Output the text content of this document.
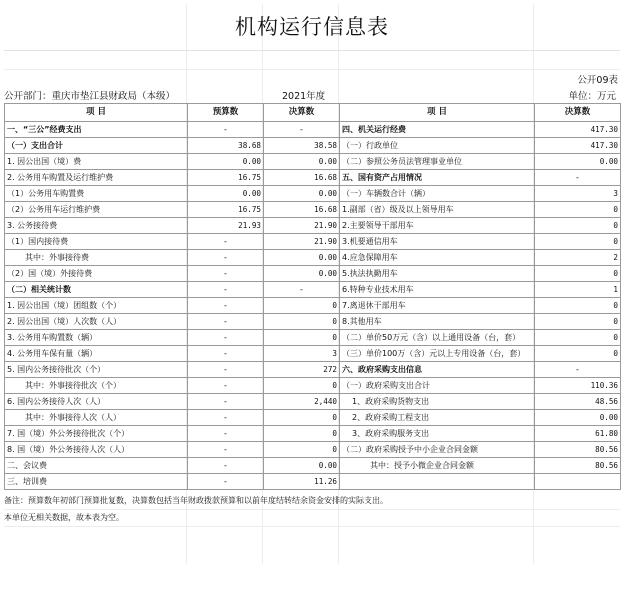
机构运行信息表
公开09表
公开部门：重庆市垫江县财政局（本级）	2021年度	单位：万元
项 目	预算数	决算数	项 目	决算数
一、“三公”经费支出	-	-	四、机关运行经费	417.30
（一）支出合计	38.68	38.58	（一）行政单位	417.30
1. 因公出国（境）费	0.00	0.00	（二）参照公务员法管理事业单位	0.00
2. 公务用车购置及运行维护费	16.75	16.68	五、国有资产占用情况	-
（1）公务用车购置费	0.00	0.00	（一）车辆数合计（辆）	3
（2）公务用车运行维护费	16.75	16.68	1.副部（省）级及以上领导用车	0
3. 公务接待费	21.93	21.90	2.主要领导干部用车	0
（1）国内接待费	-	21.90	3.机要通信用车	0
其中：外事接待费	-	0.00	4.应急保障用车	2
（2）国（境）外接待费	-	0.00	5.执法执勤用车	0
（二）相关统计数	-	-	6.特种专业技术用车	1
1. 因公出国（境）团组数（个）	-	0	7.离退休干部用车	0
2. 因公出国（境）人次数（人）	-	0	8.其他用车	0
3. 公务用车购置数（辆）	-	0	（二）单价50万元（含）以上通用设备（台，套）	0
4. 公务用车保有量（辆）	-	3	（三）单价100万（含）元以上专用设备（台，套）	0
5. 国内公务接待批次（个）	-	272	六、政府采购支出信息	-
其中：外事接待批次（个）	-	0	（一）政府采购支出合计	110.36
6. 国内公务接待人次（人）	-	2,440	1、政府采购货物支出	48.56
其中：外事接待人次（人）	-	0	2、政府采购工程支出	0.00
7. 国（境）外公务接待批次（个）	-	0	3、政府采购服务支出	61.80
8. 国（境）外公务接待人次（人）	-	0	（二）政府采购授予中小企业合同金额	80.56
二、会议费	-	0.00	其中：授予小微企业合同金额	80.56
三、培训费	-	11.26		
备注：预算数年初部门预算批复数，决算数包括当年财政拨款预算和以前年度结转结余资金安排的实际支出。
本单位无相关数据，故本表为空。
